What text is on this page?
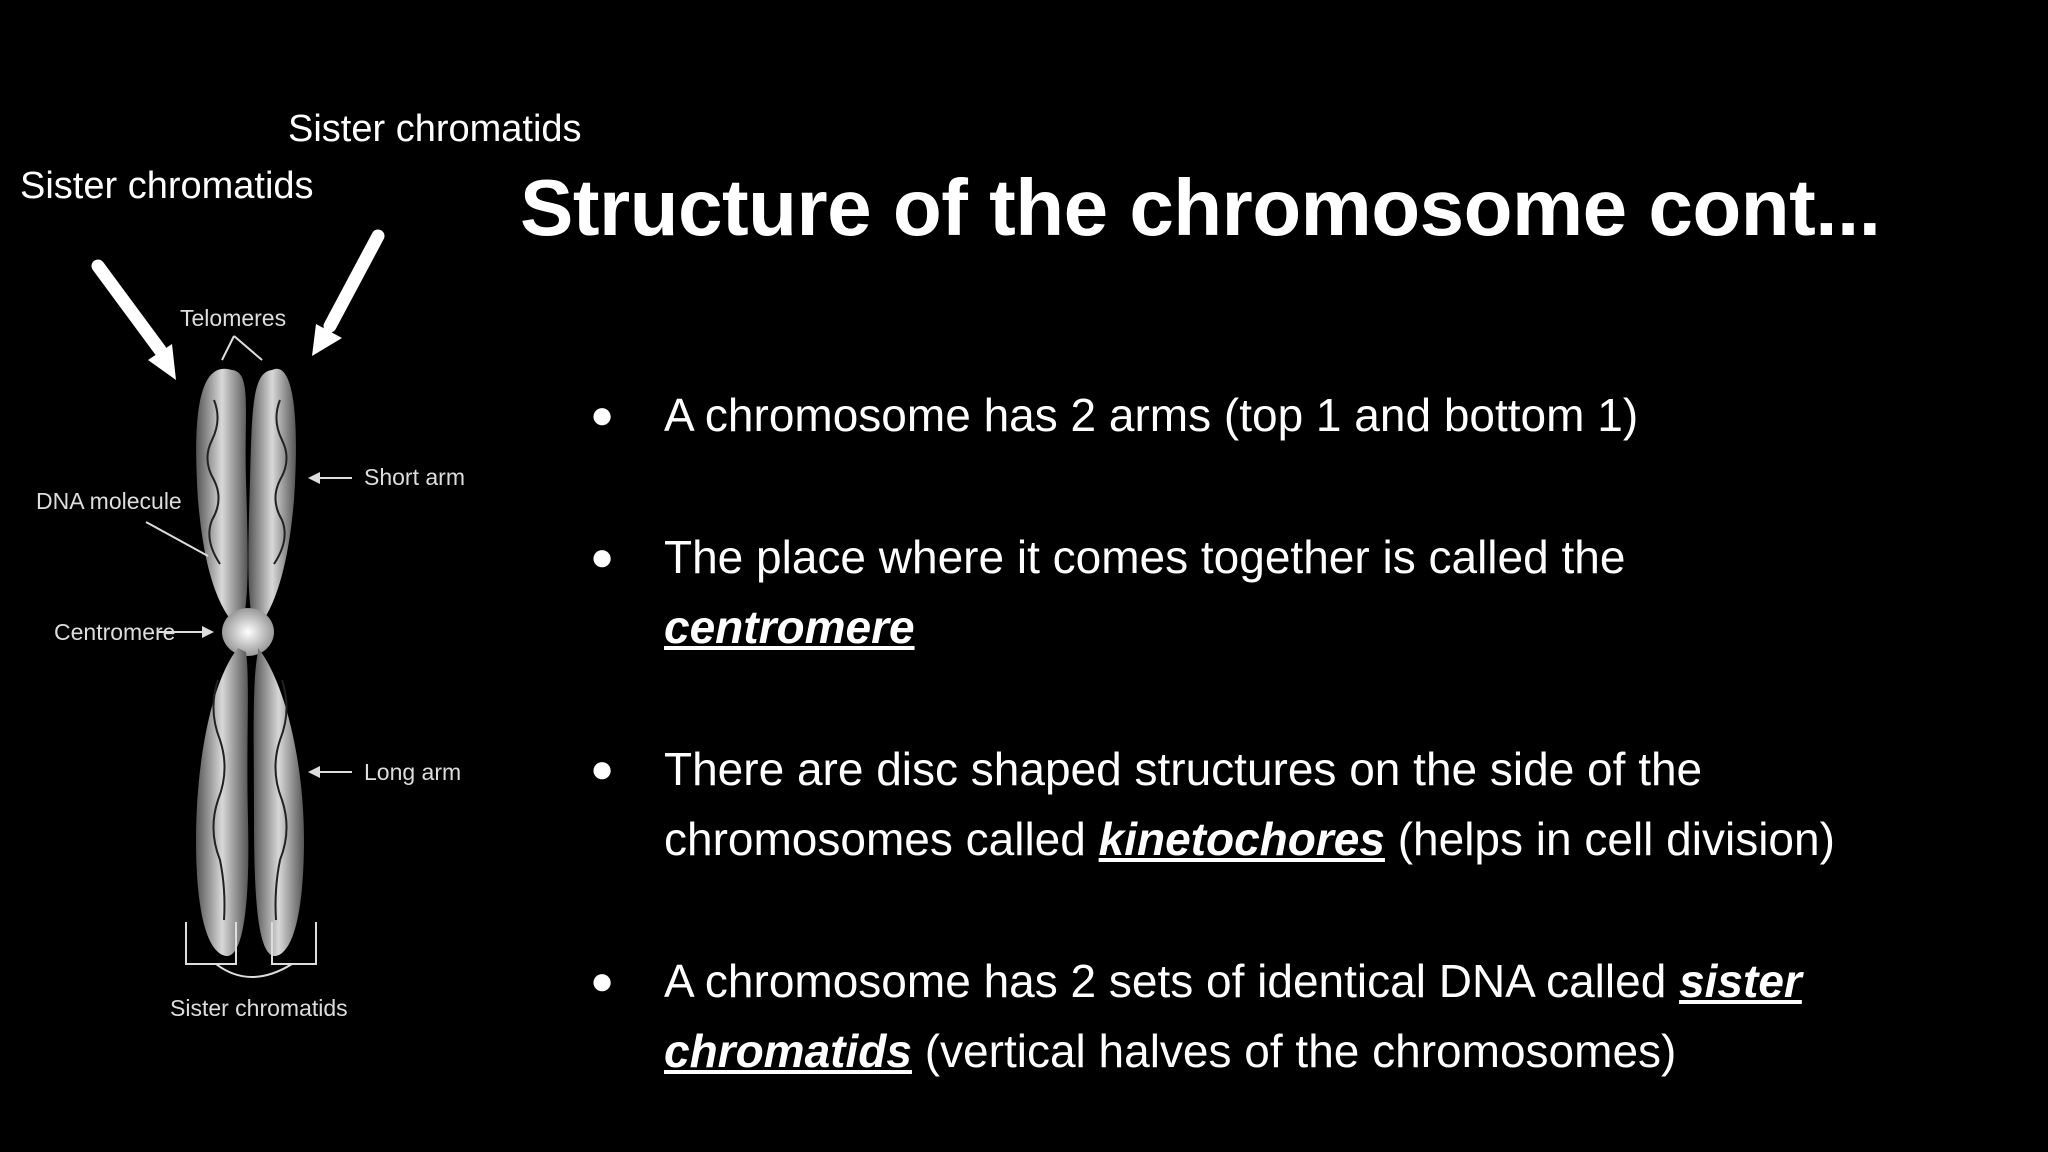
Sister chromatids
Sister chromatids	Structure of the chromosome cont...
Telomeres
Short arm
DNA molecule
Centromere
Long arm
Sister chromatids
● A chromosome has 2 arms (top 1 and bottom 1)
● The place where it comes together is called the
centromere
● There are disc shaped structures on the side of the chromosomes called kinetochores (helps in cell division)
● A chromosome has 2 sets of identical DNA called sister chromatids (vertical halves of the chromosomes)
